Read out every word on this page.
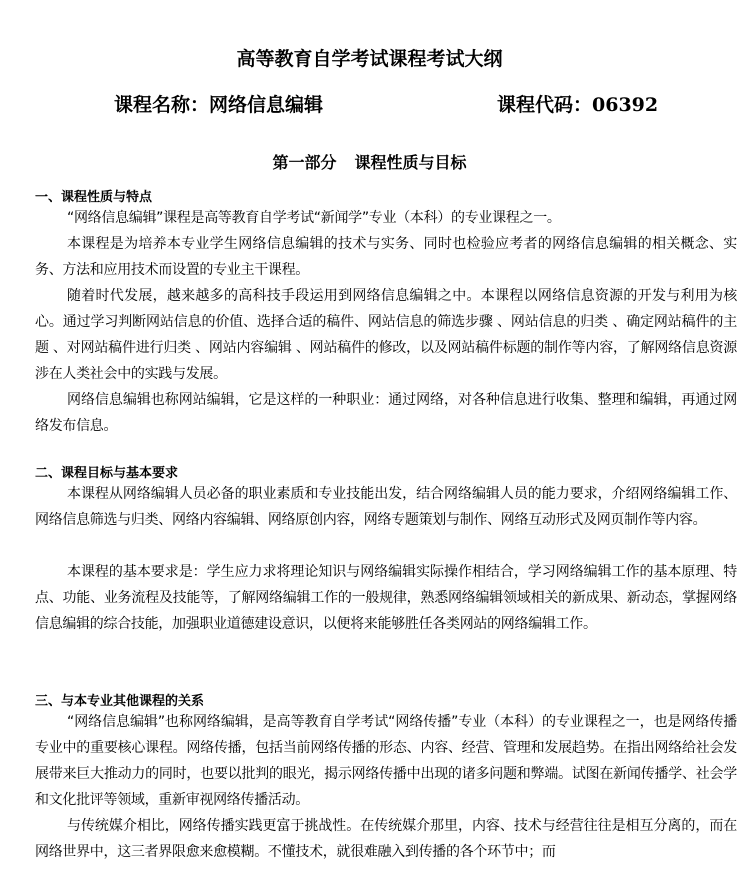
高等教育自学考试课程考试大纲
课程名称：网络信息编辑	课程代码：06392
第一部分 课程性质与目标
一、课程性质与特点
“网络信息编辑”课程是高等教育自学考试“新闻学”专业（本科）的专业课程之一。
本课程是为培养本专业学生网络信息编辑的技术与实务、同时也检验应考者的网络信息编辑的相关概念、实务、方法和应用技术而设置的专业主干课程。
随着时代发展，越来越多的高科技手段运用到网络信息编辑之中。本课程以网络信息资源的开发与利用为核心。通过学习判断网站信息的价值、选择合适的稿件、网站信息的筛选步骤 、网站信息的归类 、确定网站稿件的主题 、对网站稿件进行归类 、网站内容编辑 、网站稿件的修改，以及网站稿件标题的制作等内容，了解网络信息资源涉在人类社会中的实践与发展。
网络信息编辑也称网站编辑，它是这样的一种职业：通过网络，对各种信息进行收集、整理和编辑，再通过网络发布信息。
二、课程目标与基本要求
本课程从网络编辑人员必备的职业素质和专业技能出发，结合网络编辑人员的能力要求，介绍网络编辑工作、网络信息筛选与归类、网络内容编辑、网络原创内容，网络专题策划与制作、网络互动形式及网页制作等内容。
本课程的基本要求是：学生应力求将理论知识与网络编辑实际操作相结合，学习网络编辑工作的基本原理、特点、功能、业务流程及技能等，了解网络编辑工作的一般规律，熟悉网络编辑领域相关的新成果、新动态，掌握网络信息编辑的综合技能，加强职业道德建设意识，以便将来能够胜任各类网站的网络编辑工作。
三、与本专业其他课程的关系
“网络信息编辑”也称网络编辑，是高等教育自学考试“网络传播”专业（本科）的专业课程之一，也是网络传播专业中的重要核心课程。网络传播，包括当前网络传播的形态、内容、经营、管理和发展趋势。在指出网络给社会发展带来巨大推动力的同时，也要以批判的眼光，揭示网络传播中出现的诸多问题和弊端。试图在新闻传播学、社会学和文化批评等领域，重新审视网络传播活动。
与传统媒介相比，网络传播实践更富于挑战性。在传统媒介那里，内容、技术与经营往往是相互分离的，而在网络世界中，这三者界限愈来愈模糊。不懂技术，就很难融入到传播的各个环节中；而
